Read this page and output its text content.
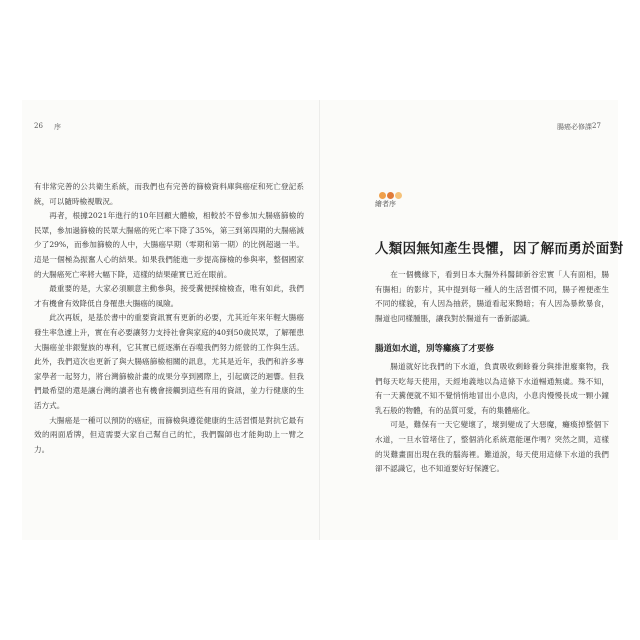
26 序

有非常完善的公共衛生系統，而我們也有完善的篩檢資料庫與癌症和死亡登記系統，可以隨時檢視戰況。

再者，根據2021年進行的10年回顧大體檢，相較於不曾參加大腸癌篩檢的民眾，參加過篩檢的民眾大腸癌的死亡率下降了35%，第三到第四期的大腸癌減少了29%，而參加篩檢的人中，大腸癌早期（零期和第一期）的比例超過一半。這是一個極為振奮人心的結果。如果我們能進一步提高篩檢的參與率，整個國家的大腸癌死亡率將大幅下降，這樣的結果確實已近在眼前。

最重要的是，大家必須願意主動參與，接受糞便採檢檢查，唯有如此，我們才有機會有效降低自身罹患大腸癌的風險。

此次再版，是基於書中的重要資訊實有更新的必要，尤其近年來年輕大腸癌發生率急遽上升，實在有必要讓努力支持社會與家庭的40到50歲民眾，了解罹患大腸癌並非銀髮族的專利，它其實已經逐漸在吞噬我們努力經營的工作與生活。此外，我們這次也更新了與大腸癌篩檢相關的訊息，尤其是近年，我們和許多專家學者一起努力，將台灣篩檢計畫的成果分享到國際上，引起廣泛的迴響。但我們最希望的還是讓台灣的讀者也有機會接觸到這些有用的資訊，並力行健康的生活方式。

大腸癌是一種可以預防的癌症，而篩檢與遵從健康的生活習慣是對抗它最有效的兩面盾牌，但這需要大家自己幫自己的忙，我們醫師也才能夠助上一臂之力。

腸癌必修課 27
繪者序
人類因無知產生畏懼，因了解而勇於面對

在一個機緣下，看到日本大腸外科醫師新谷宏實「人有面相，腸有腸相」的影片，其中提到每一種人的生活習慣不同，腸子裡便產生不同的樣貌，有人因為抽菸，腸道看起來黝暗；有人因為暴飲暴食，腸道也同樣腫脹，讓我對於腸道有一番新認識。

腸道如水道，別等癱瘓了才要修

腸道就好比我們的下水道，負責吸收剩餘養分與排泄廢棄物，我們每天吃每天使用，天經地義地以為這條下水道暢通無虞。殊不知，有一天糞便就不知不覺悄悄地冒出小息肉，小息肉慢慢長成一顆小鐘乳石般的物體，有的品質可愛，有的集體癌化。

可是，難保有一天它變壞了，壞到變成了大惡魔，癱瘓掉整個下水道，一旦水管堵住了，整個消化系統還能運作嗎？突然之間，這樣的災難畫面出現在我的腦海裡。難道說，每天使用這條下水道的我們卻不認識它，也不知道要好好保護它。
